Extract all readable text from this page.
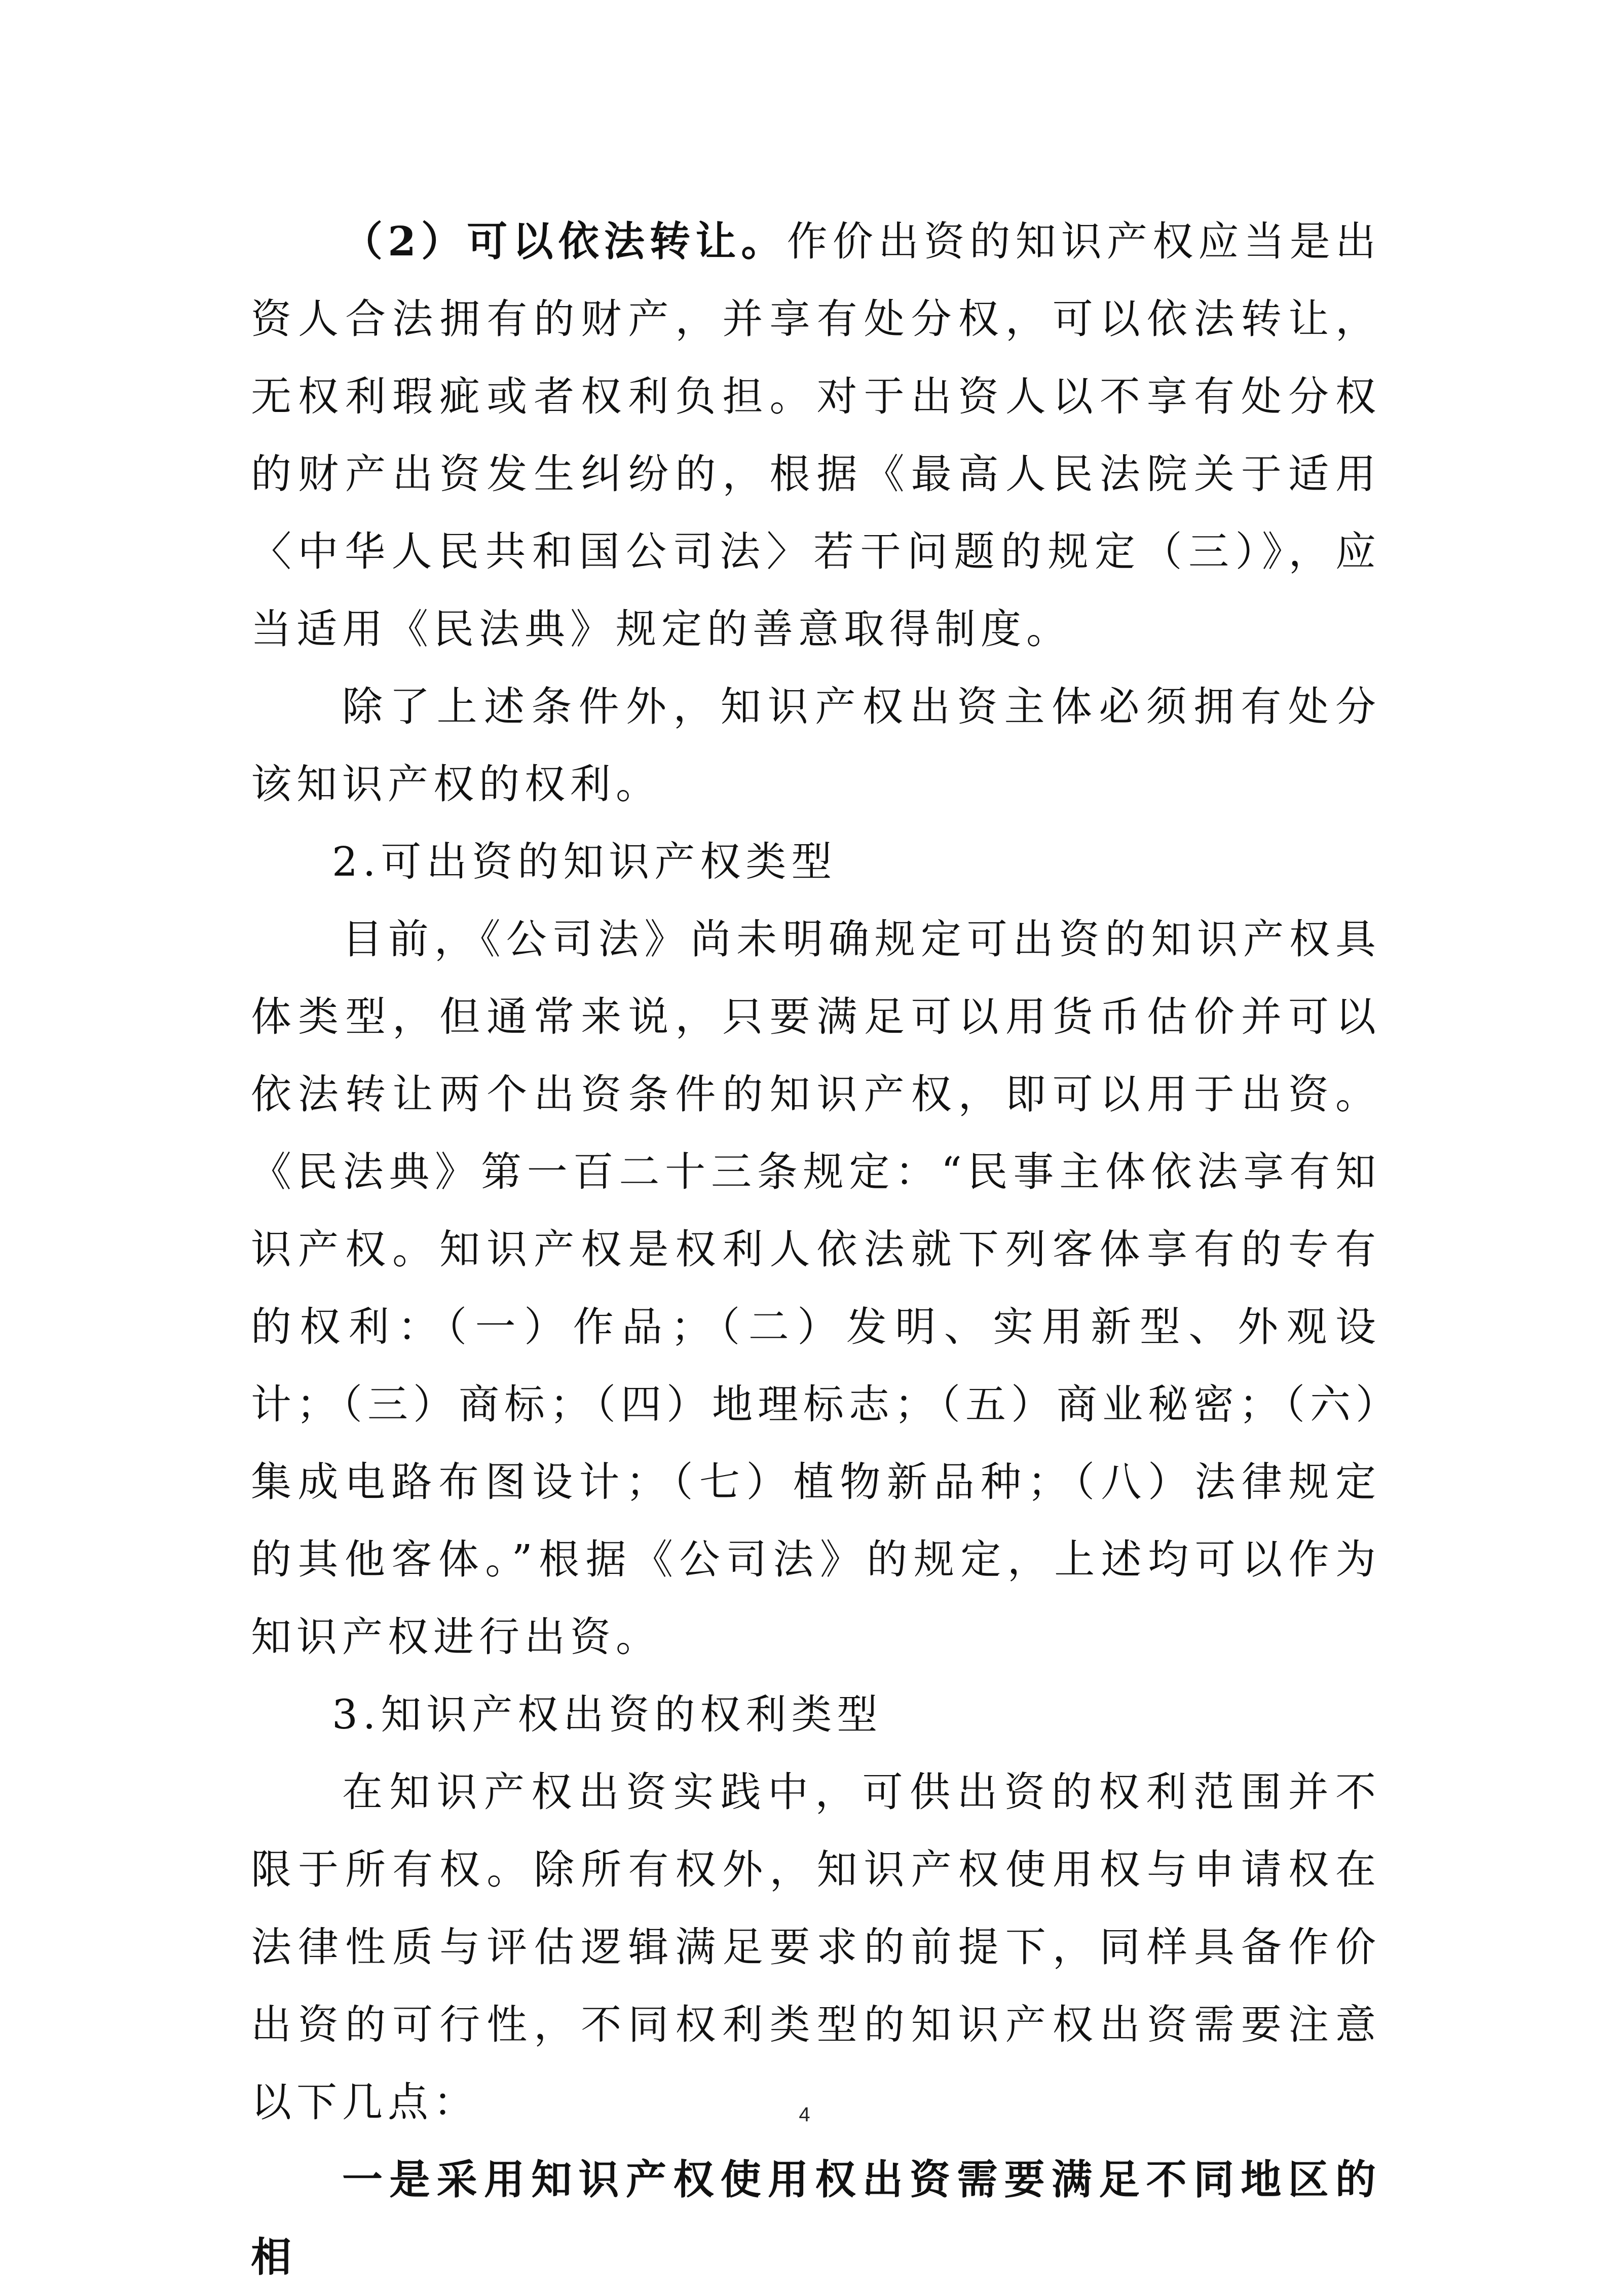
（2）可以依法转让。作价出资的知识产权应当是出资人合法拥有的财产，并享有处分权，可以依法转让，无权利瑕疵或者权利负担。对于出资人以不享有处分权的财产出资发生纠纷的，根据《最高人民法院关于适用〈中华人民共和国公司法〉若干问题的规定（三）》，应当适用《民法典》规定的善意取得制度。

除了上述条件外，知识产权出资主体必须拥有处分该知识产权的权利。

2.可出资的知识产权类型

目前，《公司法》尚未明确规定可出资的知识产权具体类型，但通常来说，只要满足可以用货币估价并可以依法转让两个出资条件的知识产权，即可以用于出资。《民法典》第一百二十三条规定：“民事主体依法享有知识产权。知识产权是权利人依法就下列客体享有的专有的权利：（一）作品；（二）发明、实用新型、外观设计；（三）商标；（四）地理标志；（五）商业秘密；（六）集成电路布图设计；（七）植物新品种；（八）法律规定的其他客体。”根据《公司法》的规定，上述均可以作为知识产权进行出资。

3.知识产权出资的权利类型

在知识产权出资实践中，可供出资的权利范围并不限于所有权。除所有权外，知识产权使用权与申请权在法律性质与评估逻辑满足要求的前提下，同样具备作价出资的可行性，不同权利类型的知识产权出资需要注意以下几点：

一是采用知识产权使用权出资需要满足不同地区的相

4
